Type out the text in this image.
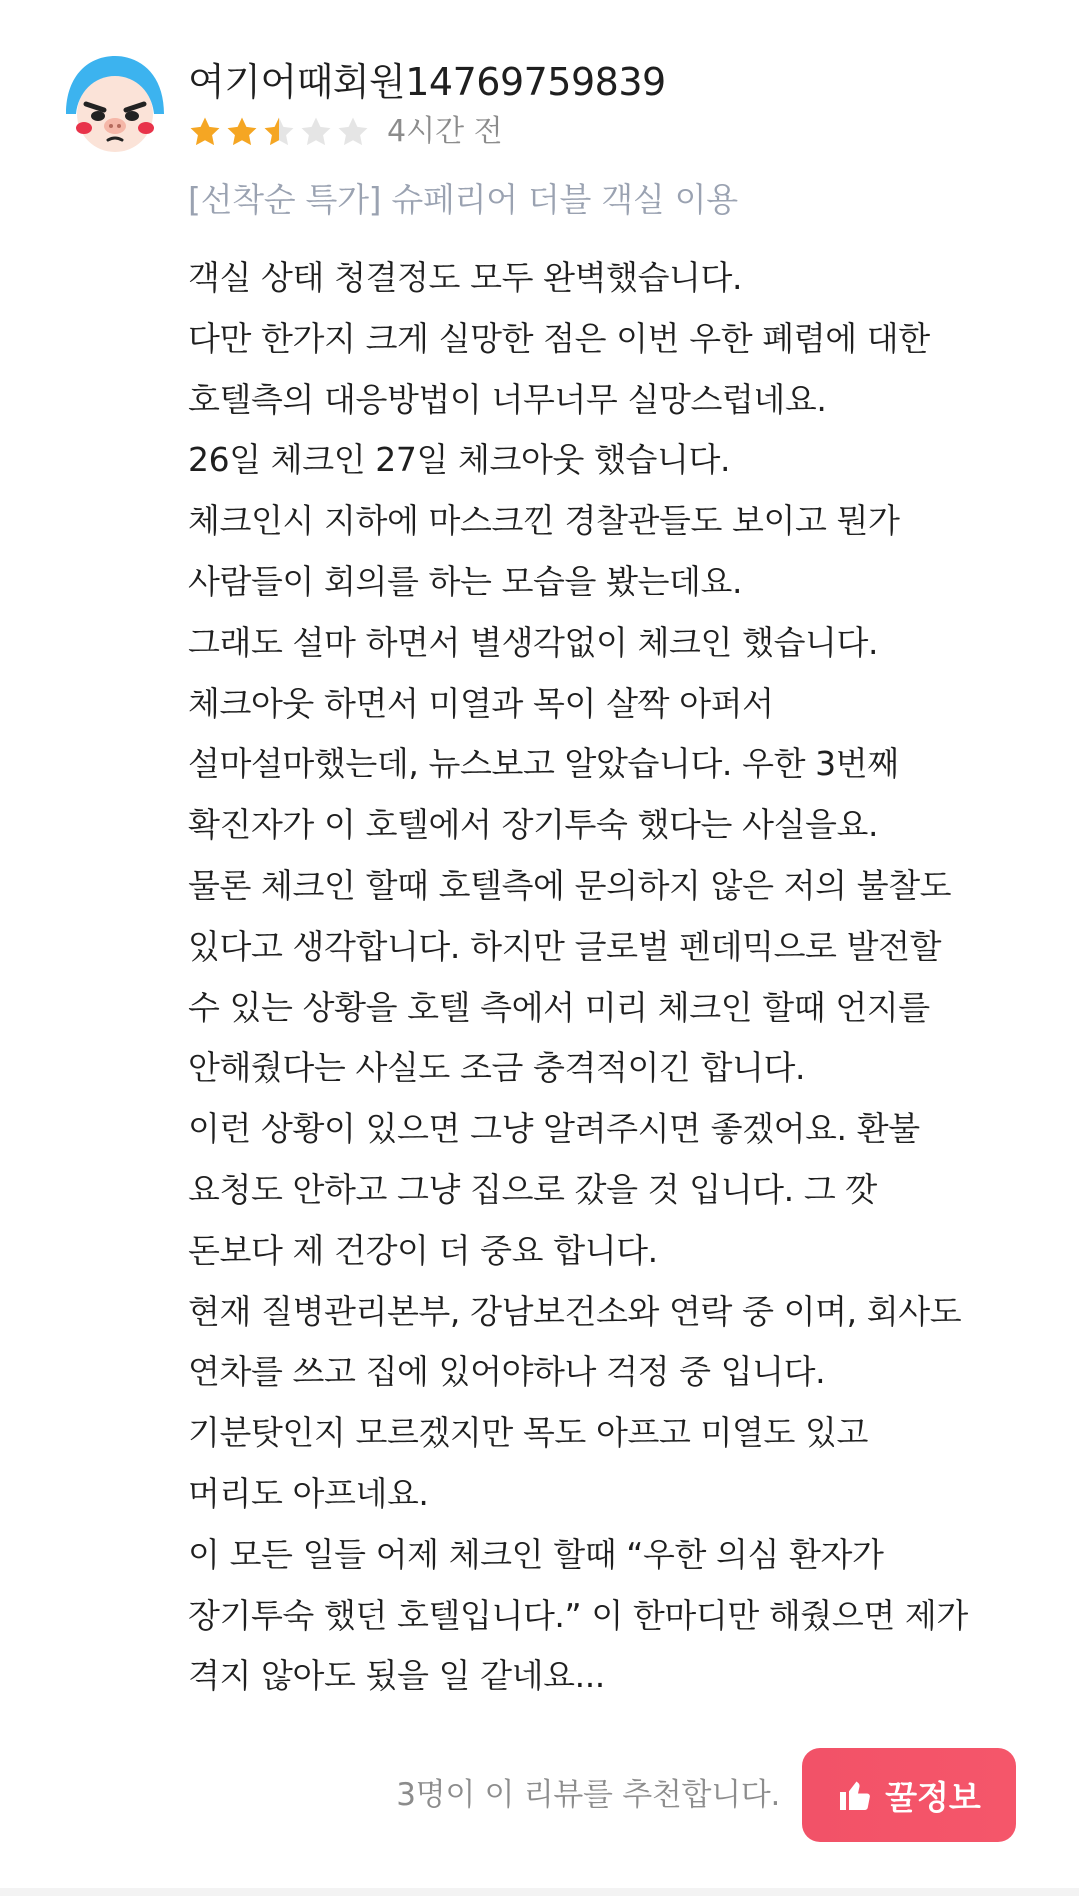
여기어때회원14769759839
4시간 전
[선착순 특가] 슈페리어 더블 객실 이용
객실 상태 청결정도 모두 완벽했습니다.
다만 한가지 크게 실망한 점은 이번 우한 폐렴에 대한
호텔측의 대응방법이 너무너무 실망스럽네요.
26일 체크인 27일 체크아웃 했습니다.
체크인시 지하에 마스크낀 경찰관들도 보이고 뭔가
사람들이 회의를 하는 모습을 봤는데요.
그래도 설마 하면서 별생각없이 체크인 했습니다.
체크아웃 하면서 미열과 목이 살짝 아퍼서
설마설마했는데, 뉴스보고 알았습니다. 우한 3번째
확진자가 이 호텔에서 장기투숙 했다는 사실을요.
물론 체크인 할때 호텔측에 문의하지 않은 저의 불찰도
있다고 생각합니다. 하지만 글로벌 펜데믹으로 발전할
수 있는 상황을 호텔 측에서 미리 체크인 할때 언지를
안해줬다는 사실도 조금 충격적이긴 합니다.
이런 상황이 있으면 그냥 알려주시면 좋겠어요. 환불
요청도 안하고 그냥 집으로 갔을 것 입니다. 그 깟
돈보다 제 건강이 더 중요 합니다.
현재 질병관리본부, 강남보건소와 연락 중 이며, 회사도
연차를 쓰고 집에 있어야하나 걱정 중 입니다.
기분탓인지 모르겠지만 목도 아프고 미열도 있고
머리도 아프네요.
이 모든 일들 어제 체크인 할때 “우한 의심 환자가
장기투숙 했던 호텔입니다.” 이 한마디만 해줬으면 제가
격지 않아도 됬을 일 같네요...
3명이 이 리뷰를 추천합니다.	꿀정보
